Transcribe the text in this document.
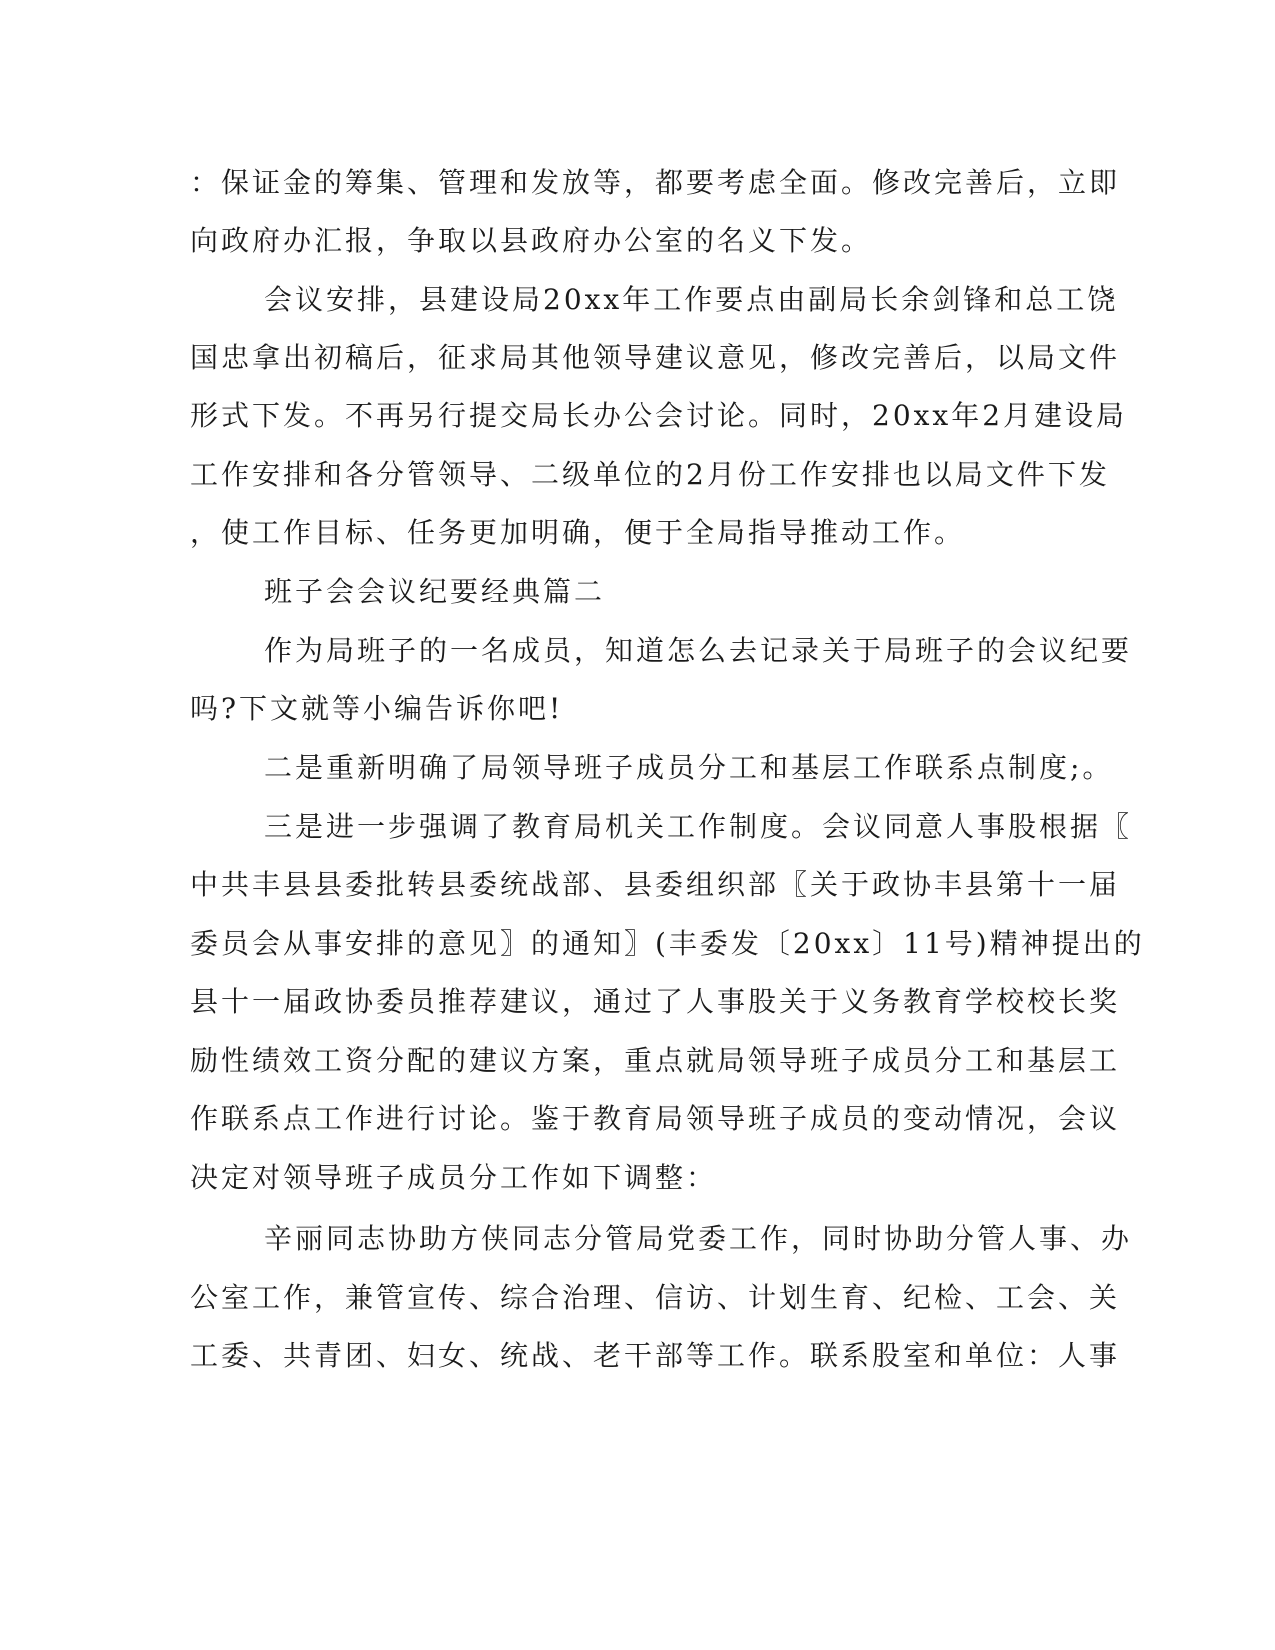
：保证金的筹集、管理和发放等，都要考虑全面。修改完善后，立即
向政府办汇报，争取以县政府办公室的名义下发。
会议安排，县建设局20xx年工作要点由副局长余剑锋和总工饶
国忠拿出初稿后，征求局其他领导建议意见，修改完善后，以局文件
形式下发。不再另行提交局长办公会讨论。同时，20xx年2月建设局
工作安排和各分管领导、二级单位的2月份工作安排也以局文件下发
，使工作目标、任务更加明确，便于全局指导推动工作。
班子会会议纪要经典篇二
作为局班子的一名成员，知道怎么去记录关于局班子的会议纪要
吗?下文就等小编告诉你吧!
二是重新明确了局领导班子成员分工和基层工作联系点制度;。
三是进一步强调了教育局机关工作制度。会议同意人事股根据〖
中共丰县县委批转县委统战部、县委组织部〖关于政协丰县第十一届
委员会从事安排的意见〗的通知〗(丰委发〔20xx〕11号)精神提出的
县十一届政协委员推荐建议，通过了人事股关于义务教育学校校长奖
励性绩效工资分配的建议方案，重点就局领导班子成员分工和基层工
作联系点工作进行讨论。鉴于教育局领导班子成员的变动情况，会议
决定对领导班子成员分工作如下调整：
辛丽同志协助方侠同志分管局党委工作，同时协助分管人事、办
公室工作，兼管宣传、综合治理、信访、计划生育、纪检、工会、关
工委、共青团、妇女、统战、老干部等工作。联系股室和单位：人事
